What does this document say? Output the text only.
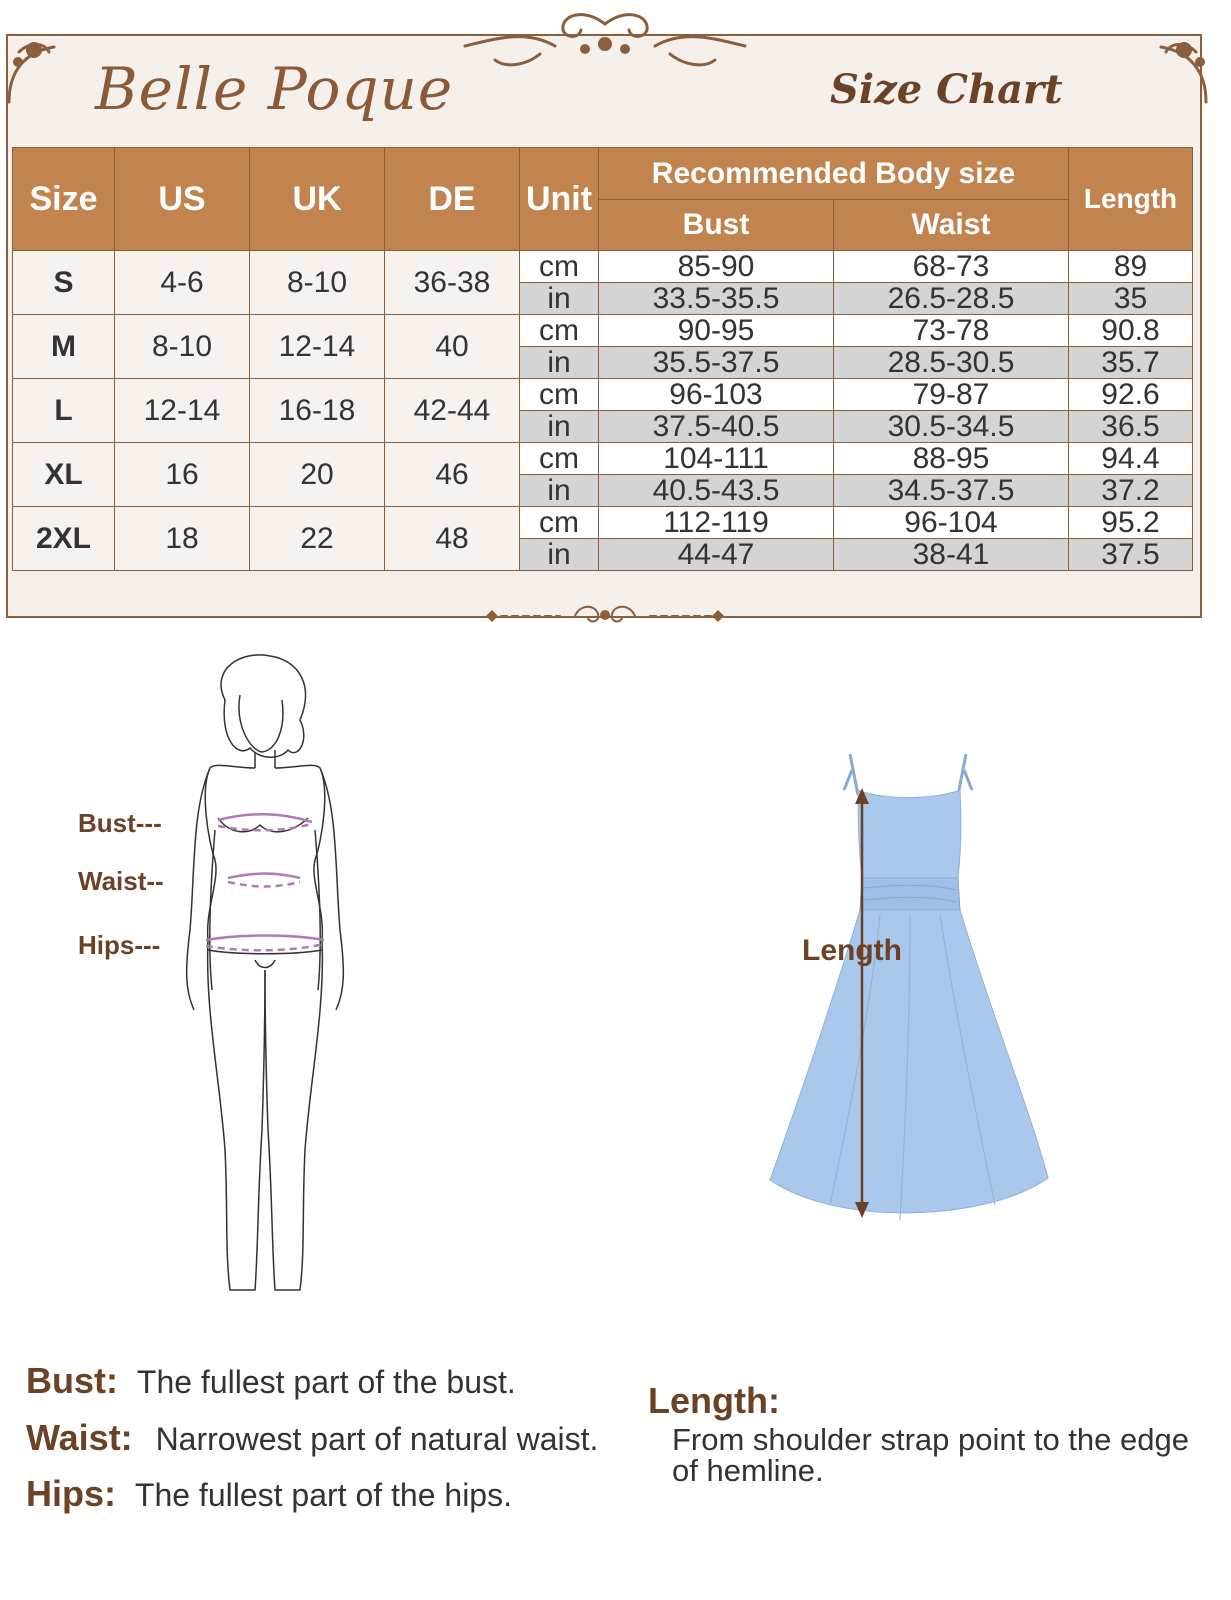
Belle Poque	Size Chart
Size	US	UK	DE	Unit	Recommended Body size		Length
					Bust	Waist	
S	4-6	8-10	36-38	cm	85-90	68-73	89
				in	33.5-35.5	26.5-28.5	35
M	8-10	12-14	40	cm	90-95	73-78	90.8
				in	35.5-37.5	28.5-30.5	35.7
L	12-14	16-18	42-44	cm	96-103	79-87	92.6
				in	37.5-40.5	30.5-34.5	36.5
XL	16	20	46	cm	104-111	88-95	94.4
				in	40.5-43.5	34.5-37.5	37.2
2XL	18	22	48	cm	112-119	96-104	95.2
				in	44-47	38-41	37.5
Bust---
Waist--
Hips---	Length
Bust: The fullest part of the bust.
Waist: Narrowest part of natural waist.
Hips: The fullest part of the hips.
Length:
From shoulder strap point to the edge of hemline.
